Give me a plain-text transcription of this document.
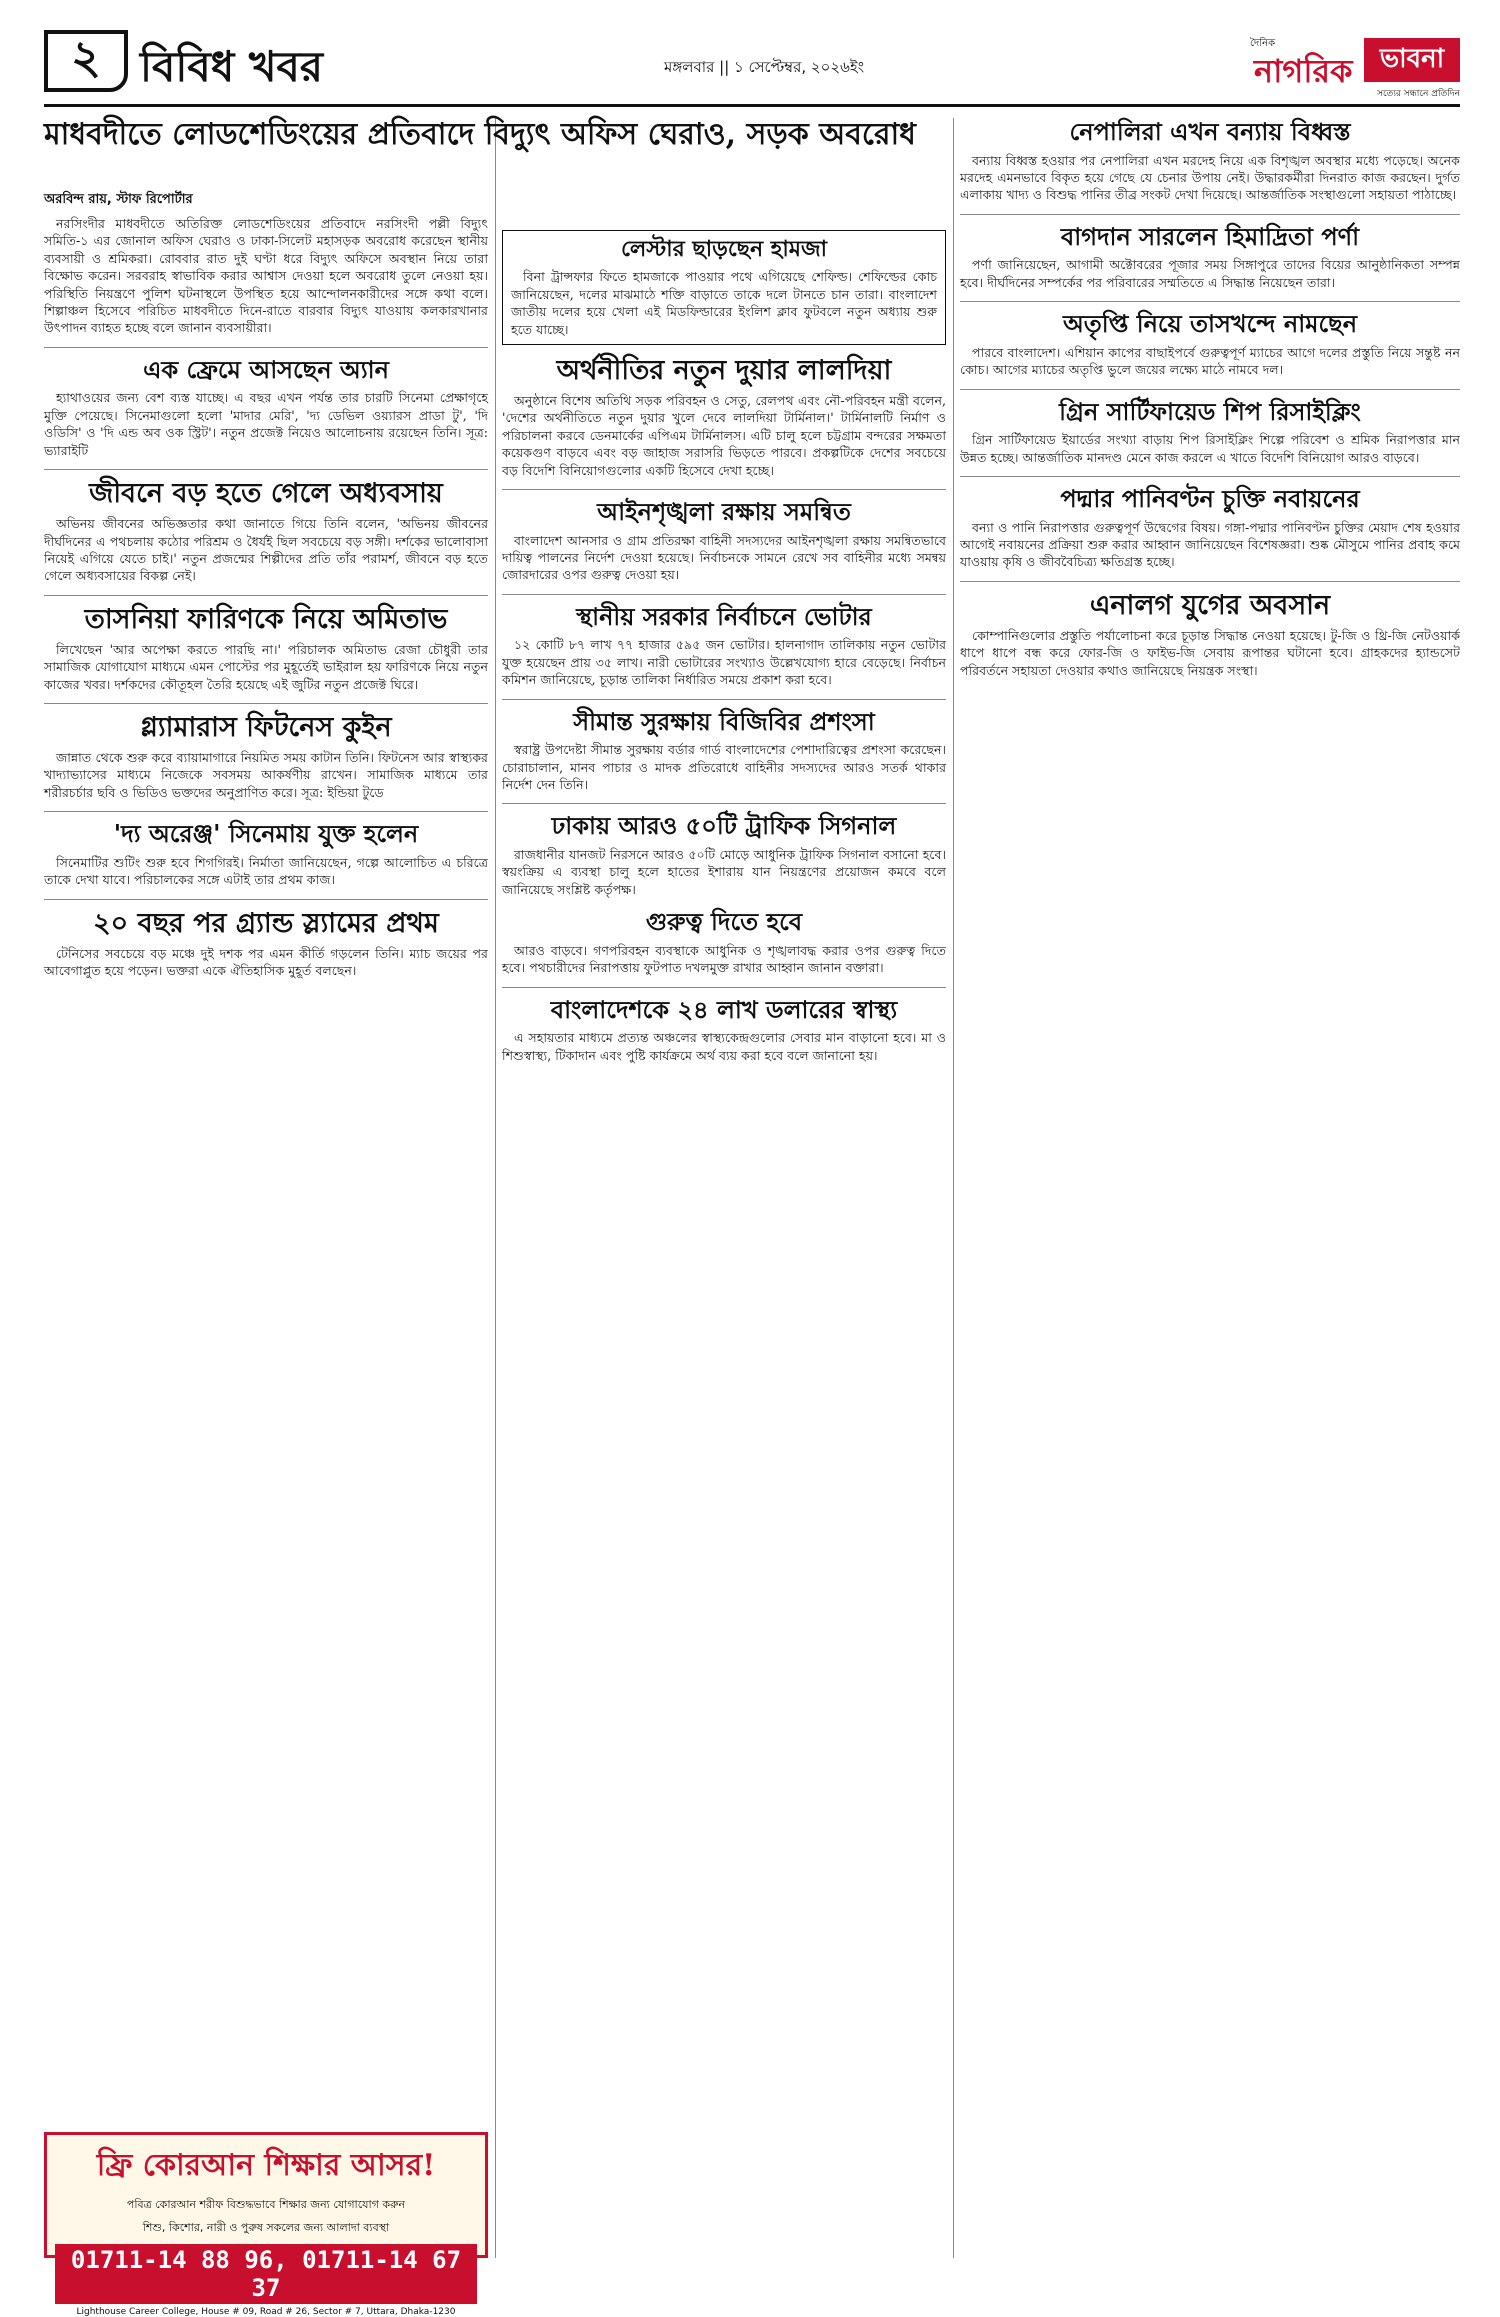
২ বিবিধ খবর	মঙ্গলবার || ১ সেপ্টেম্বর, ২০২৬ইং
দৈনিক
নাগরিক	ভাবনা
সত্যের সন্ধানে প্রতিদিন
অরবিন্দ রায়, স্টাফ রিপোর্টার

নরসিংদীর মাধবদীতে অতিরিক্ত লোডশেডিংয়ের প্রতিবাদে নরসিংদী পল্লী বিদ্যুৎ সমিতি-১ এর জোনাল অফিস ঘেরাও ও ঢাকা-সিলেট মহাসড়ক অবরোধ করেছেন স্থানীয় ব্যবসায়ী ও শ্রমিকরা। রোববার রাত দুই ঘণ্টা ধরে বিদ্যুৎ অফিসে অবস্থান নিয়ে তারা বিক্ষোভ করেন। সরবরাহ স্বাভাবিক করার আশ্বাস দেওয়া হলে অবরোধ তুলে নেওয়া হয়। পরিস্থিতি নিয়ন্ত্রণে পুলিশ ঘটনাস্থলে উপস্থিত হয়ে আন্দোলনকারীদের সঙ্গে কথা বলে। শিল্পাঞ্চল হিসেবে পরিচিত মাধবদীতে দিনে-রাতে বারবার বিদ্যুৎ যাওয়ায় কলকারখানার উৎপাদন ব্যাহত হচ্ছে বলে জানান ব্যবসায়ীরা।

এক ফ্রেমে আসছেন অ্যান

হ্যাথাওয়ের জন্য বেশ ব্যস্ত যাচ্ছে। এ বছর এখন পর্যন্ত তার চারটি সিনেমা প্রেক্ষাগৃহে মুক্তি পেয়েছে। সিনেমাগুলো হলো 'মাদার মেরি', 'দ্য ডেভিল ওয়্যারস প্রাডা টু', 'দি ওডিসি' ও 'দি এন্ড অব ওক স্ট্রিট'। নতুন প্রজেক্ট নিয়েও আলোচনায় রয়েছেন তিনি। সূত্র: ভ্যারাইটি

জীবনে বড় হতে গেলে অধ্যবসায়

অভিনয় জীবনের অভিজ্ঞতার কথা জানাতে গিয়ে তিনি বলেন, 'অভিনয় জীবনের দীর্ঘদিনের এ পথচলায় কঠোর পরিশ্রম ও ধৈর্যই ছিল সবচেয়ে বড় সঙ্গী। দর্শকের ভালোবাসা নিয়েই এগিয়ে যেতে চাই।' নতুন প্রজন্মের শিল্পীদের প্রতি তাঁর পরামর্শ, জীবনে বড় হতে গেলে অধ্যবসায়ের বিকল্প নেই।

তাসনিয়া ফারিণকে নিয়ে অমিতাভ

লিখেছেন 'আর অপেক্ষা করতে পারছি না।' পরিচালক অমিতাভ রেজা চৌধুরী তার সামাজিক যোগাযোগ মাধ্যমে এমন পোস্টের পর মুহূর্তেই ভাইরাল হয় ফারিণকে নিয়ে নতুন কাজের খবর। দর্শকদের কৌতূহল তৈরি হয়েছে এই জুটির নতুন প্রজেক্ট ঘিরে।

গ্ল্যামারাস ফিটনেস কুইন

জান্নাত থেকে শুরু করে ব্যায়ামাগারে নিয়মিত সময় কাটান তিনি। ফিটনেস আর স্বাস্থ্যকর খাদ্যাভ্যাসের মাধ্যমে নিজেকে সবসময় আকর্ষণীয় রাখেন। সামাজিক মাধ্যমে তার শরীরচর্চার ছবি ও ভিডিও ভক্তদের অনুপ্রাণিত করে। সূত্র: ইন্ডিয়া টুডে

'দ্য অরেঞ্জ' সিনেমায় যুক্ত হলেন

সিনেমাটির শুটিং শুরু হবে শিগগিরই। নির্মাতা জানিয়েছেন, গল্পে আলোচিত এ চরিত্রে তাকে দেখা যাবে। পরিচালকের সঙ্গে এটাই তার প্রথম কাজ।

২০ বছর পর গ্র্যান্ড স্ল্যামের প্রথম

টেনিসের সবচেয়ে বড় মঞ্চে দুই দশক পর এমন কীর্তি গড়লেন তিনি। ম্যাচ জয়ের পর আবেগাপ্লুত হয়ে পড়েন। ভক্তরা একে ঐতিহাসিক মুহূর্ত বলছেন।

লেস্টার ছাড়ছেন হামজা

বিনা ট্রান্সফার ফিতে হামজাকে পাওয়ার পথে এগিয়েছে শেফিল্ড। শেফিল্ডের কোচ জানিয়েছেন, দলের মাঝমাঠে শক্তি বাড়াতে তাকে দলে টানতে চান তারা। বাংলাদেশ জাতীয় দলের হয়ে খেলা এই মিডফিল্ডারের ইংলিশ ক্লাব ফুটবলে নতুন অধ্যায় শুরু হতে যাচ্ছে।

অর্থনীতির নতুন দুয়ার লালদিয়া

অনুষ্ঠানে বিশেষ অতিথি সড়ক পরিবহন ও সেতু, রেলপথ এবং নৌ-পরিবহন মন্ত্রী বলেন, 'দেশের অর্থনীতিতে নতুন দুয়ার খুলে দেবে লালদিয়া টার্মিনাল।' টার্মিনালটি নির্মাণ ও পরিচালনা করবে ডেনমার্কের এপিএম টার্মিনালস। এটি চালু হলে চট্টগ্রাম বন্দরের সক্ষমতা কয়েকগুণ বাড়বে এবং বড় জাহাজ সরাসরি ভিড়তে পারবে। প্রকল্পটিকে দেশের সবচেয়ে বড় বিদেশি বিনিয়োগগুলোর একটি হিসেবে দেখা হচ্ছে।

আইনশৃঙ্খলা রক্ষায় সমন্বিত

বাংলাদেশ আনসার ও গ্রাম প্রতিরক্ষা বাহিনী সদস্যদের আইনশৃঙ্খলা রক্ষায় সমন্বিতভাবে দায়িত্ব পালনের নির্দেশ দেওয়া হয়েছে। নির্বাচনকে সামনে রেখে সব বাহিনীর মধ্যে সমন্বয় জোরদারের ওপর গুরুত্ব দেওয়া হয়।

স্থানীয় সরকার নির্বাচনে ভোটার

১২ কোটি ৮৭ লাখ ৭৭ হাজার ৫৯৫ জন ভোটার। হালনাগাদ তালিকায় নতুন ভোটার যুক্ত হয়েছেন প্রায় ৩৫ লাখ। নারী ভোটারের সংখ্যাও উল্লেখযোগ্য হারে বেড়েছে। নির্বাচন কমিশন জানিয়েছে, চূড়ান্ত তালিকা নির্ধারিত সময়ে প্রকাশ করা হবে।

সীমান্ত সুরক্ষায় বিজিবির প্রশংসা

স্বরাষ্ট্র উপদেষ্টা সীমান্ত সুরক্ষায় বর্ডার গার্ড বাংলাদেশের পেশাদারিত্বের প্রশংসা করেছেন। চোরাচালান, মানব পাচার ও মাদক প্রতিরোধে বাহিনীর সদস্যদের আরও সতর্ক থাকার নির্দেশ দেন তিনি।

ঢাকায় আরও ৫০টি ট্রাফিক সিগনাল

রাজধানীর যানজট নিরসনে আরও ৫০টি মোড়ে আধুনিক ট্রাফিক সিগনাল বসানো হবে। স্বয়ংক্রিয় এ ব্যবস্থা চালু হলে হাতের ইশারায় যান নিয়ন্ত্রণের প্রয়োজন কমবে বলে জানিয়েছে সংশ্লিষ্ট কর্তৃপক্ষ।

গুরুত্ব দিতে হবে

আরও বাড়বে। গণপরিবহন ব্যবস্থাকে আধুনিক ও শৃঙ্খলাবদ্ধ করার ওপর গুরুত্ব দিতে হবে। পথচারীদের নিরাপত্তায় ফুটপাত দখলমুক্ত রাখার আহ্বান জানান বক্তারা।

বাংলাদেশকে ২৪ লাখ ডলারের স্বাস্থ্য

এ সহায়তার মাধ্যমে প্রত্যন্ত অঞ্চলের স্বাস্থ্যকেন্দ্রগুলোর সেবার মান বাড়ানো হবে। মা ও শিশুস্বাস্থ্য, টিকাদান এবং পুষ্টি কার্যক্রমে অর্থ ব্যয় করা হবে বলে জানানো হয়।

নেপালিরা এখন বন্যায় বিধ্বস্ত

বন্যায় বিধ্বস্ত হওয়ার পর নেপালিরা এখন মরদেহ নিয়ে এক বিশৃঙ্খল অবস্থার মধ্যে পড়েছে। অনেক মরদেহ এমনভাবে বিকৃত হয়ে গেছে যে চেনার উপায় নেই। উদ্ধারকর্মীরা দিনরাত কাজ করছেন। দুর্গত এলাকায় খাদ্য ও বিশুদ্ধ পানির তীব্র সংকট দেখা দিয়েছে। আন্তর্জাতিক সংস্থাগুলো সহায়তা পাঠাচ্ছে।

বাগদান সারলেন হিমাদ্রিতা পর্ণা

পর্ণা জানিয়েছেন, আগামী অক্টোবরের পূজার সময় সিঙ্গাপুরে তাদের বিয়ের আনুষ্ঠানিকতা সম্পন্ন হবে। দীর্ঘদিনের সম্পর্কের পর পরিবারের সম্মতিতে এ সিদ্ধান্ত নিয়েছেন তারা।

অতৃপ্তি নিয়ে তাসখন্দে নামছেন

পারবে বাংলাদেশ। এশিয়ান কাপের বাছাইপর্বে গুরুত্বপূর্ণ ম্যাচের আগে দলের প্রস্তুতি নিয়ে সন্তুষ্ট নন কোচ। আগের ম্যাচের অতৃপ্তি ভুলে জয়ের লক্ষ্যে মাঠে নামবে দল।

গ্রিন সার্টিফায়েড শিপ রিসাইক্লিং

গ্রিন সার্টিফায়েড ইয়ার্ডের সংখ্যা বাড়ায় শিপ রিসাইক্লিং শিল্পে পরিবেশ ও শ্রমিক নিরাপত্তার মান উন্নত হচ্ছে। আন্তর্জাতিক মানদণ্ড মেনে কাজ করলে এ খাতে বিদেশি বিনিয়োগ আরও বাড়বে।

পদ্মার পানিবণ্টন চুক্তি নবায়নের

বন্যা ও পানি নিরাপত্তার গুরুত্বপূর্ণ উদ্বেগের বিষয়। গঙ্গা-পদ্মার পানিবণ্টন চুক্তির মেয়াদ শেষ হওয়ার আগেই নবায়নের প্রক্রিয়া শুরু করার আহ্বান জানিয়েছেন বিশেষজ্ঞরা। শুষ্ক মৌসুমে পানির প্রবাহ কমে যাওয়ায় কৃষি ও জীববৈচিত্র্য ক্ষতিগ্রস্ত হচ্ছে।

এনালগ যুগের অবসান

কোম্পানিগুলোর প্রস্তুতি পর্যালোচনা করে চূড়ান্ত সিদ্ধান্ত নেওয়া হয়েছে। টু-জি ও থ্রি-জি নেটওয়ার্ক ধাপে ধাপে বন্ধ করে ফোর-জি ও ফাইভ-জি সেবায় রূপান্তর ঘটানো হবে। গ্রাহকদের হ্যান্ডসেট পরিবর্তনে সহায়তা দেওয়ার কথাও জানিয়েছে নিয়ন্ত্রক সংস্থা।

ফ্রি কোরআন শিক্ষার আসর!
পবিত্র কোরআন শরীফ বিশুদ্ধভাবে শিক্ষার জন্য যোগাযোগ করুন
শিশু, কিশোর, নারী ও পুরুষ সকলের জন্য আলাদা ব্যবস্থা
01711-14 88 96, 01711-14 67 37
Lighthouse Career College, House # 09, Road # 26, Sector # 7, Uttara, Dhaka-1230
মাধবদীতে লোডশেডিংয়ের প্রতিবাদে বিদ্যুৎ অফিস ঘেরাও, সড়ক অবরোধ
